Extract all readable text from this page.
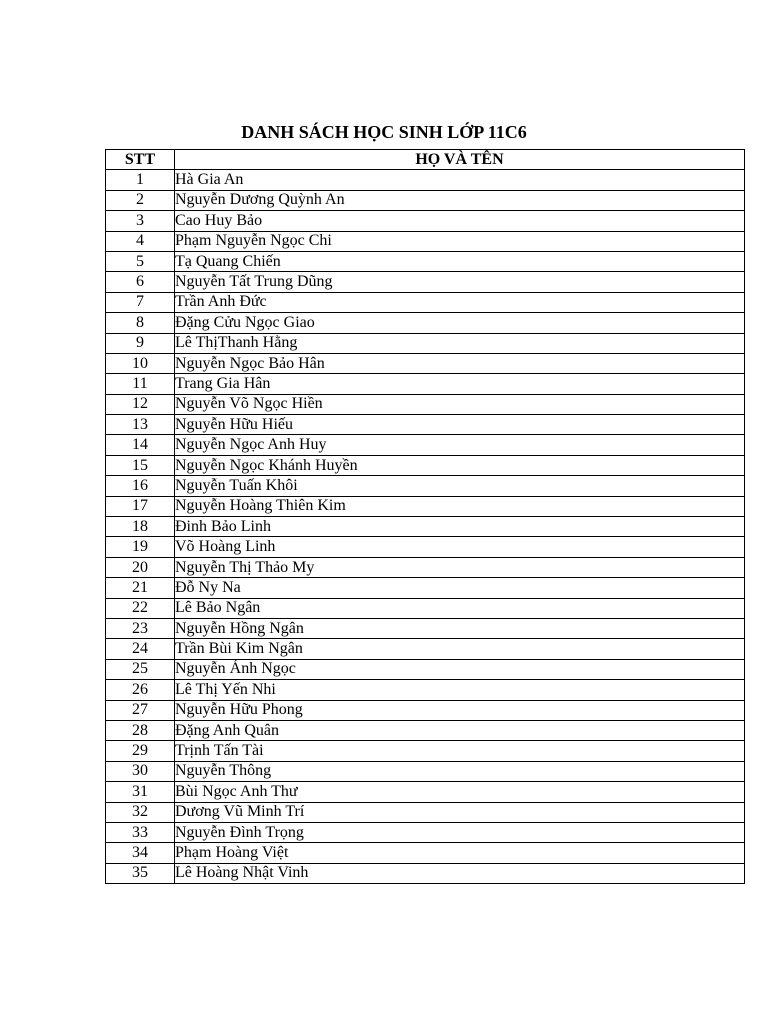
DANH SÁCH HỌC SINH LỚP 11C6
STT	HỌ VÀ TÊN
1	Hà Gia An
2	Nguyễn Dương Quỳnh An
3	Cao Huy Bảo
4	Phạm Nguyễn Ngọc Chi
5	Tạ Quang Chiến
6	Nguyễn Tất Trung Dũng
7	Trần Anh Đức
8	Đặng Cửu Ngọc Giao
9	Lê ThịThanh Hằng
10	Nguyễn Ngọc Bảo Hân
11	Trang Gia Hân
12	Nguyễn Võ Ngọc Hiền
13	Nguyễn Hữu Hiếu
14	Nguyễn Ngọc Anh Huy
15	Nguyễn Ngọc Khánh Huyền
16	Nguyễn Tuấn Khôi
17	Nguyễn Hoàng Thiên Kim
18	Đinh Bảo Linh
19	Võ Hoàng Linh
20	Nguyễn Thị Thảo My
21	Đỗ Ny Na
22	Lê Bảo Ngân
23	Nguyễn Hồng Ngân
24	Trần Bùi Kim Ngân
25	Nguyễn Ánh Ngọc
26	Lê Thị Yến Nhi
27	Nguyễn Hữu Phong
28	Đặng Anh Quân
29	Trịnh Tấn Tài
30	Nguyễn Thông
31	Bùi Ngọc Anh Thư
32	Dương Vũ Minh Trí
33	Nguyễn Đình Trọng
34	Phạm Hoàng Việt
35	Lê Hoàng Nhật Vinh
